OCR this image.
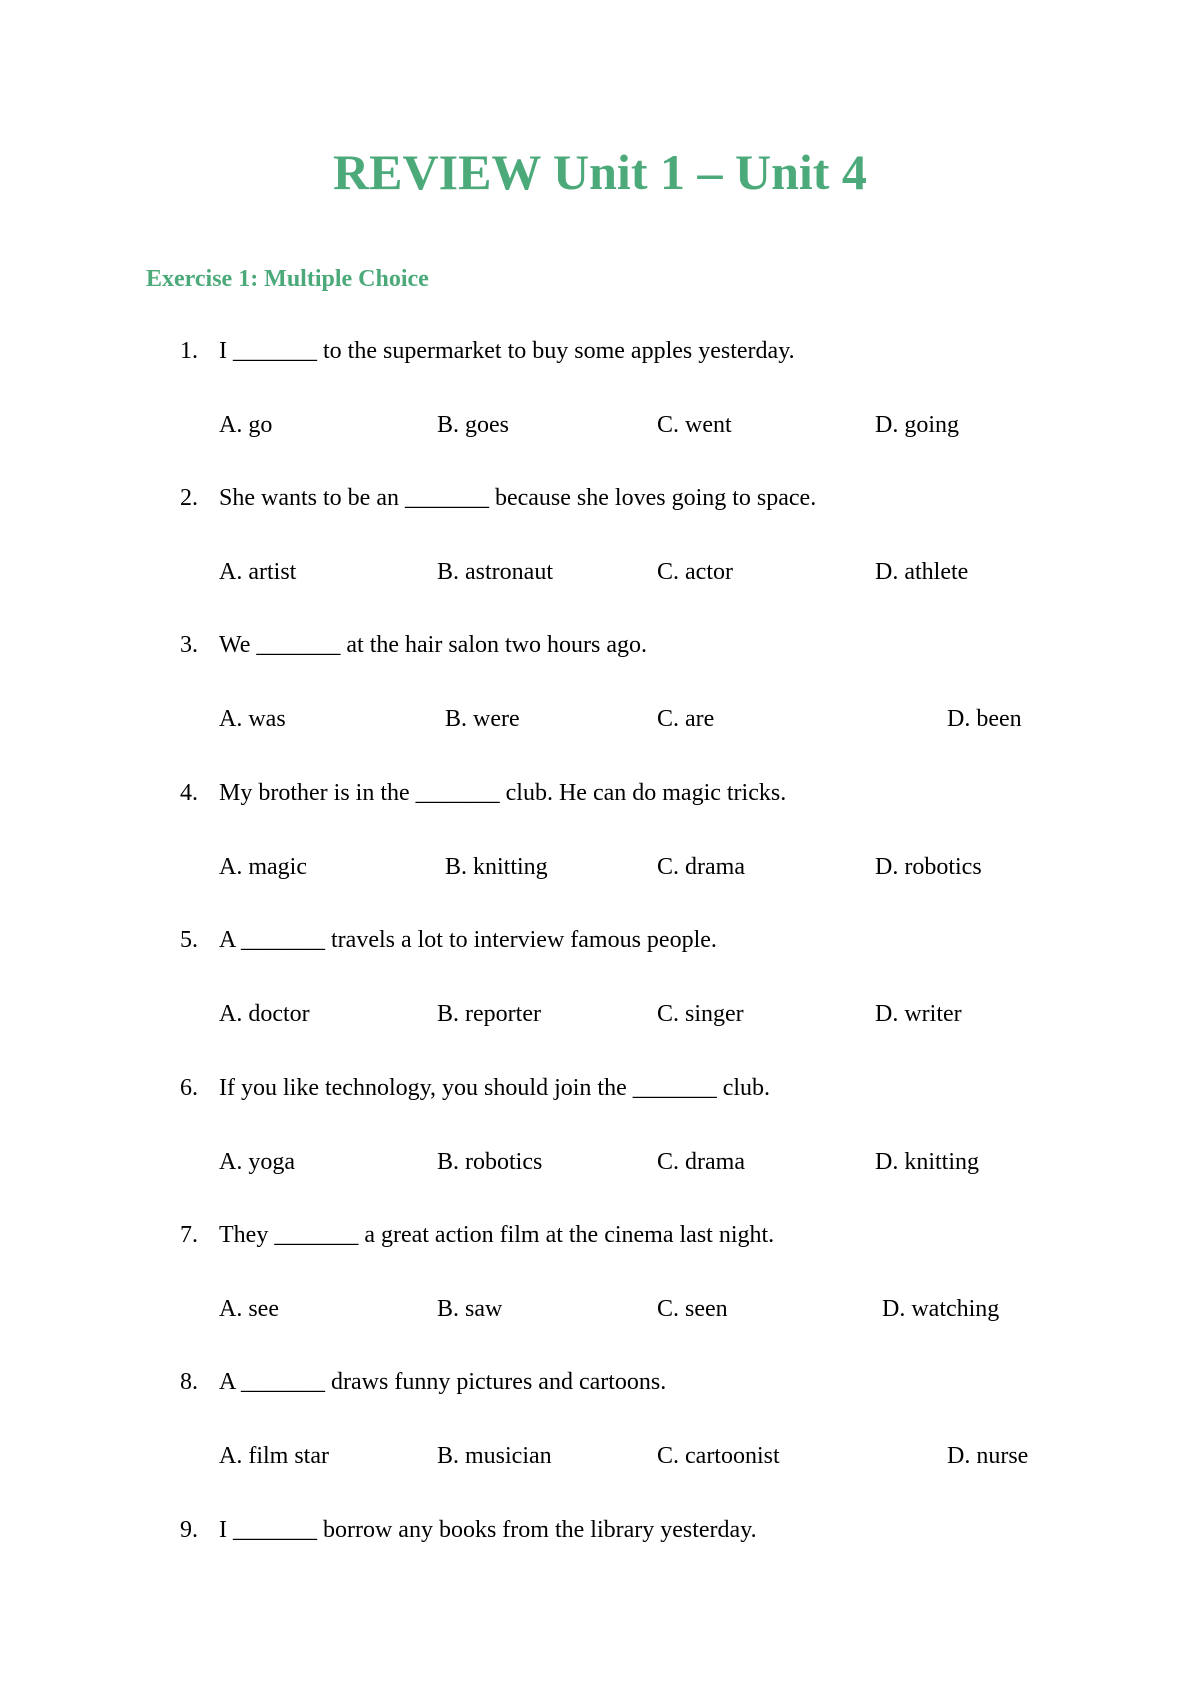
REVIEW Unit 1 – Unit 4
Exercise 1: Multiple Choice
1. I _______ to the supermarket to buy some apples yesterday.
A. go	B. goes	C. went	D. going
2. She wants to be an _______ because she loves going to space.
A. artist	B. astronaut	C. actor	D. athlete
3. We _______ at the hair salon two hours ago.
A. was	B. were	C. are	D. been
4. My brother is in the _______ club. He can do magic tricks.
A. magic	B. knitting	C. drama	D. robotics
5. A _______ travels a lot to interview famous people.
A. doctor	B. reporter	C. singer	D. writer
6. If you like technology, you should join the _______ club.
A. yoga	B. robotics	C. drama	D. knitting
7. They _______ a great action film at the cinema last night.
A. see	B. saw	C. seen	D. watching
8. A _______ draws funny pictures and cartoons.
A. film star	B. musician	C. cartoonist	D. nurse
9. I _______ borrow any books from the library yesterday.
